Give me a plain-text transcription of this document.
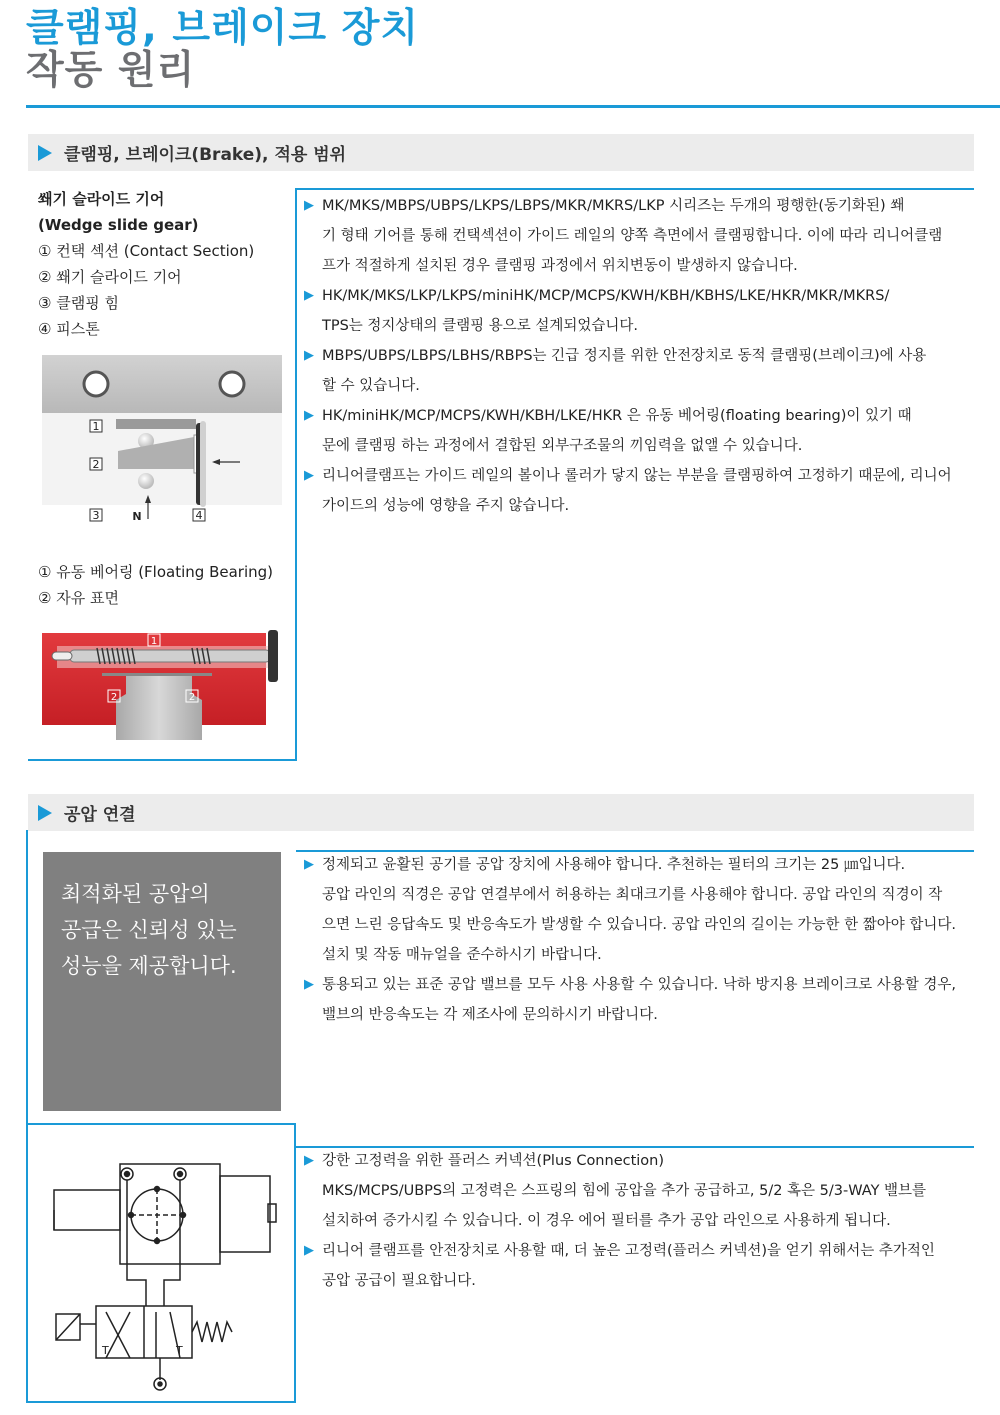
클램핑, 브레이크 장치
작동 원리
클램핑, 브레이크(Brake), 적용 범위
쐐기 슬라이드 기어
(Wedge slide gear)
① 컨택 섹션 (Contact Section)
② 쐐기 슬라이드 기어
③ 클램핑 힘
④ 피스톤
1
2
3	4
N
① 유동 베어링 (Floating Bearing)
② 자유 표면
1
2	2
▶ MK/MKS/MBPS/UBPS/LKPS/LBPS/MKR/MKRS/LKP 시리즈는 두개의 평행한(동기화된) 쐐
기 형태 기어를 통해 컨택섹션이 가이드 레일의 양쪽 측면에서 클램핑합니다. 이에 따라 리니어클램
프가 적절하게 설치된 경우 클램핑 과정에서 위치변동이 발생하지 않습니다.
▶ HK/MK/MKS/LKP/LKPS/miniHK/MCP/MCPS/KWH/KBH/KBHS/LKE/HKR/MKR/MKRS/
TPS는 정지상태의 클램핑 용으로 설계되었습니다.
▶ MBPS/UBPS/LBPS/LBHS/RBPS는 긴급 정지를 위한 안전장치로 동적 클램핑(브레이크)에 사용
할 수 있습니다.
▶ HK/miniHK/MCP/MCPS/KWH/KBH/LKE/HKR 은 유동 베어링(floating bearing)이 있기 때
문에 클램핑 하는 과정에서 결합된 외부구조물의 끼임력을 없앨 수 있습니다.
▶ 리니어클램프는 가이드 레일의 볼이나 롤러가 닿지 않는 부분을 클램핑하여 고정하기 때문에, 리니어
가이드의 성능에 영향을 주지 않습니다.
공압 연결
최적화된 공압의
공급은 신뢰성 있는
성능을 제공합니다.
▶ 정제되고 윤활된 공기를 공압 장치에 사용해야 합니다. 추천하는 필터의 크기는 25 ㎛입니다.
공압 라인의 직경은 공압 연결부에서 허용하는 최대크기를 사용해야 합니다. 공압 라인의 직경이 작
으면 느린 응답속도 및 반응속도가 발생할 수 있습니다. 공압 라인의 길이는 가능한 한 짧아야 합니다.
설치 및 작동 매뉴얼을 준수하시기 바랍니다.
▶ 통용되고 있는 표준 공압 밸브를 모두 사용 사용할 수 있습니다. 낙하 방지용 브레이크로 사용할 경우,
밸브의 반응속도는 각 제조사에 문의하시기 바랍니다.
▶ 강한 고정력을 위한 플러스 커넥션(Plus Connection)
MKS/MCPS/UBPS의 고정력은 스프링의 힘에 공압을 추가 공급하고, 5/2 혹은 5/3-WAY 밸브를
설치하여 증가시킬 수 있습니다. 이 경우 에어 필터를 추가 공압 라인으로 사용하게 됩니다.
▶ 리니어 클램프를 안전장치로 사용할 때, 더 높은 고정력(플러스 커넥션)을 얻기 위해서는 추가적인
공압 공급이 필요합니다.
T	T
